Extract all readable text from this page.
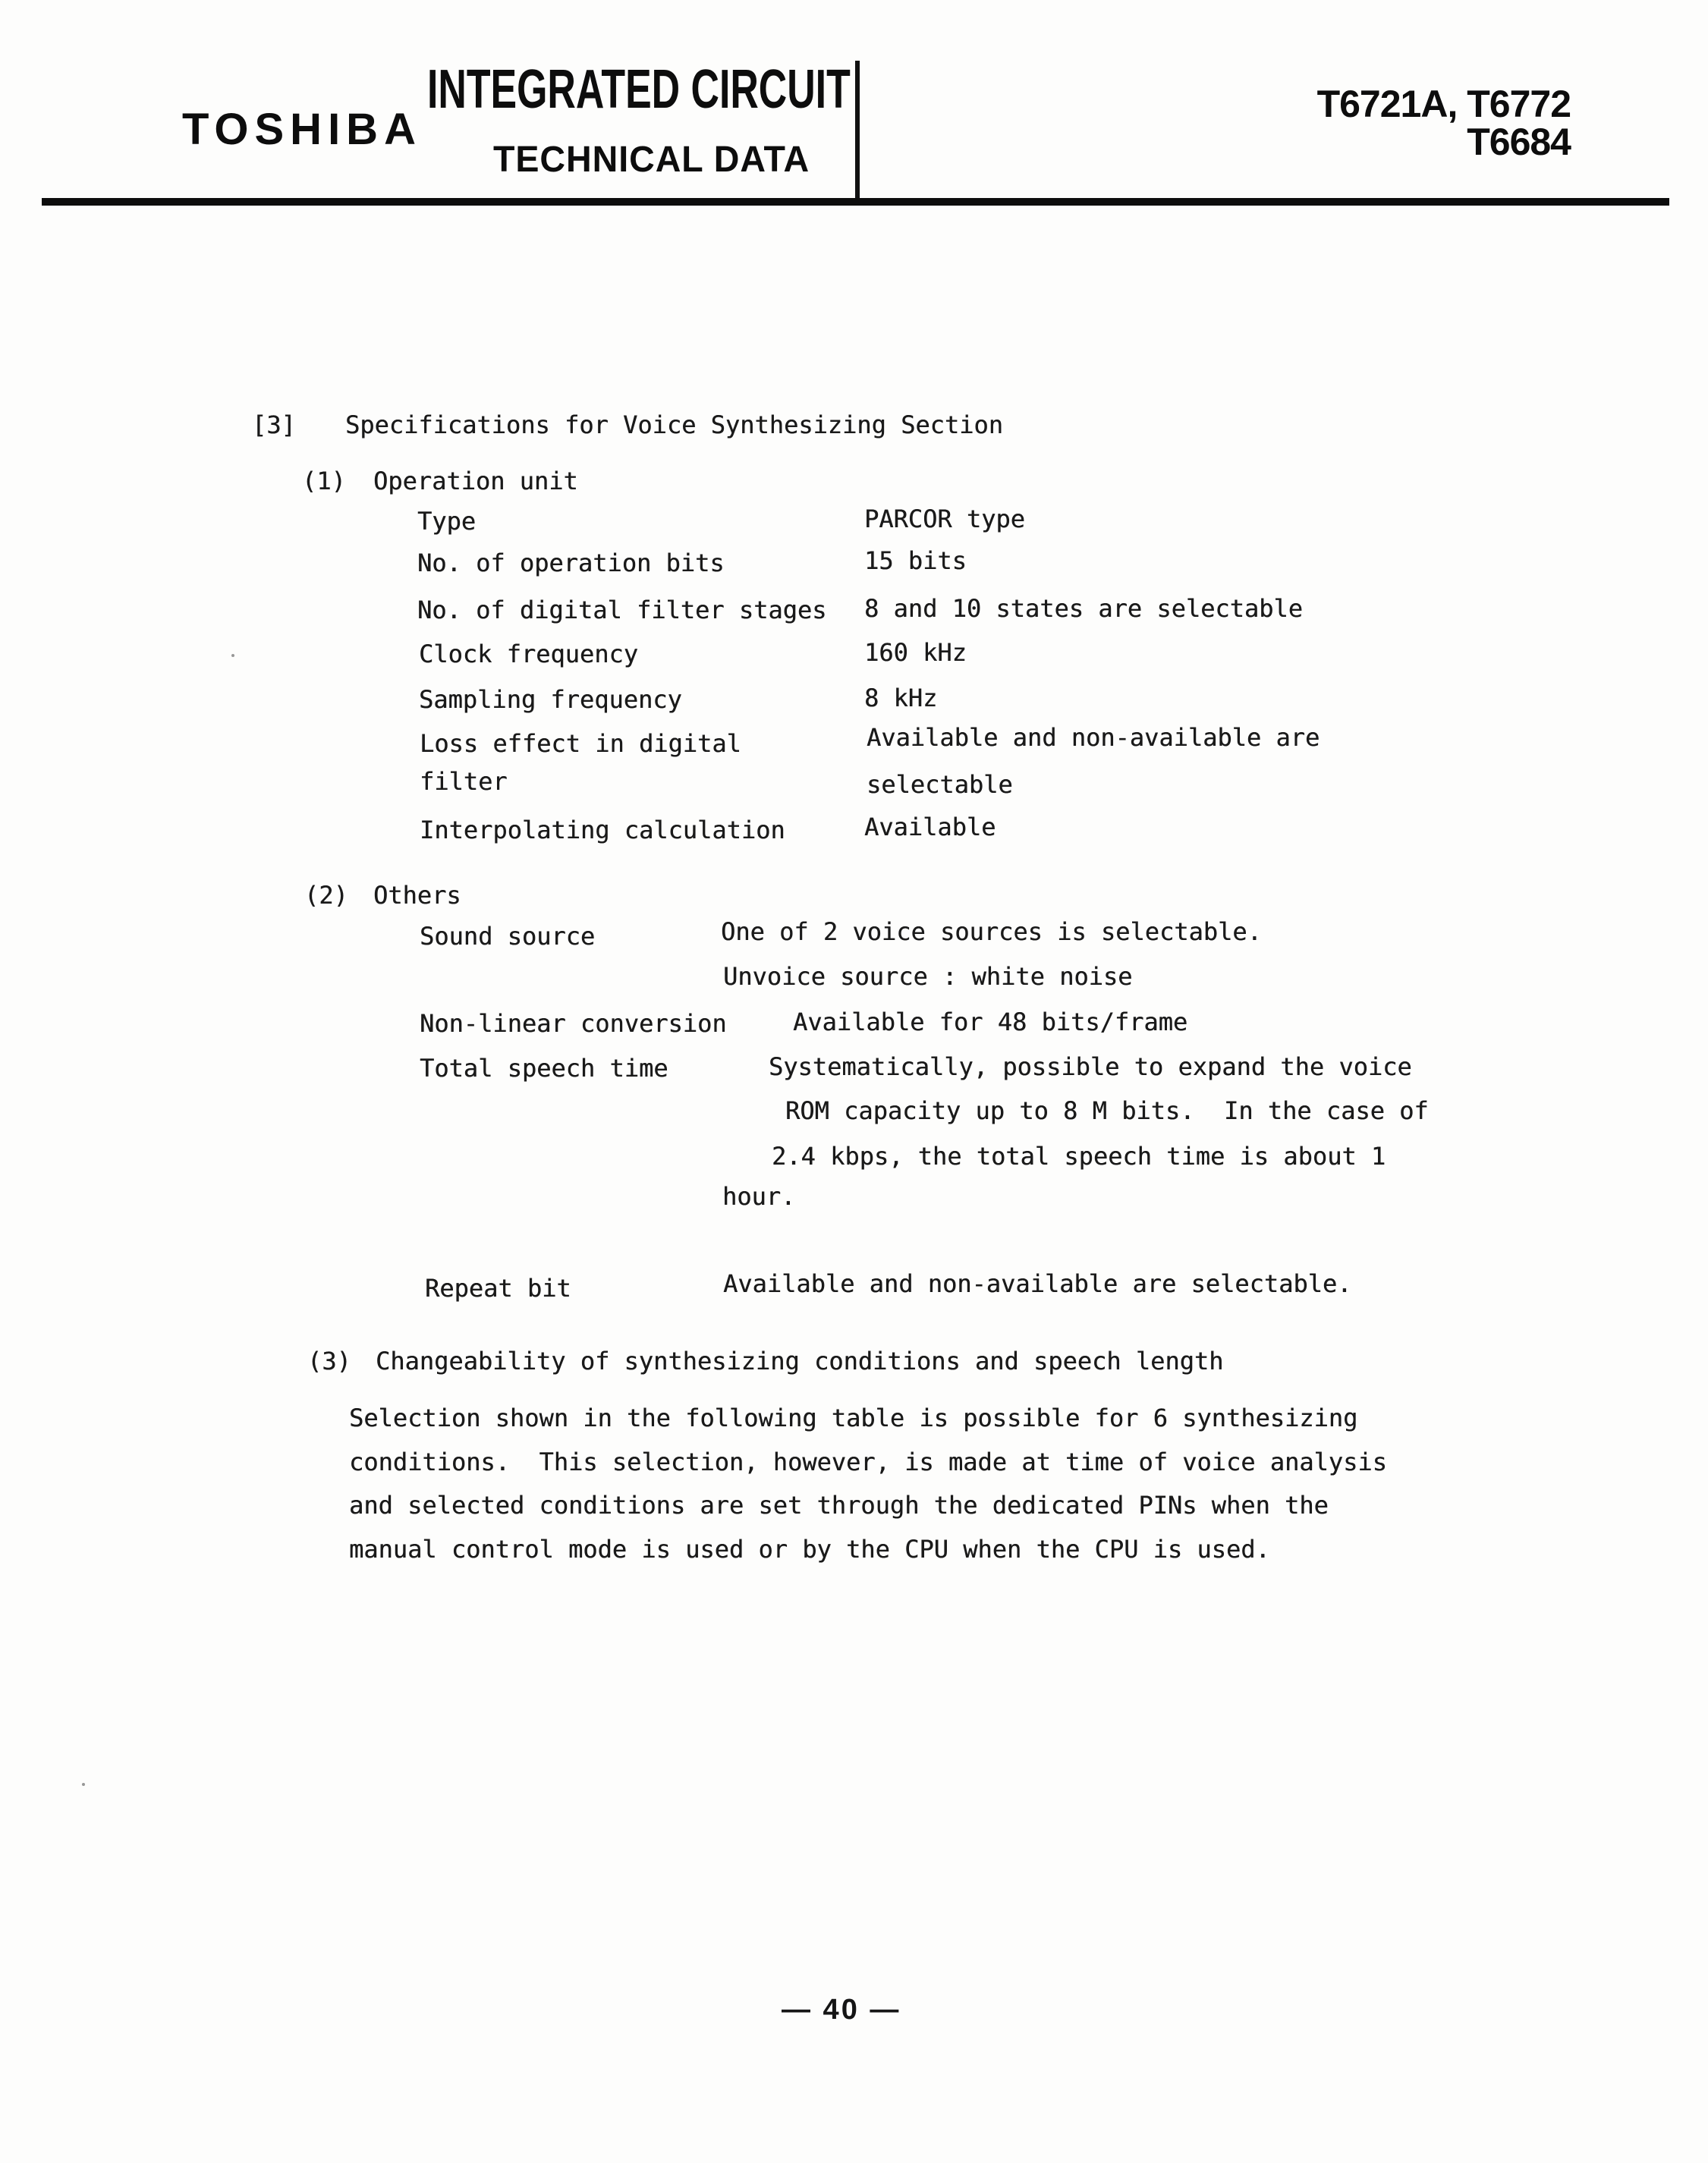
TOSHIBA
INTEGRATED CIRCUIT
TECHNICAL DATA
T6721A, T6772
T6684
[3] Specifications for Voice Synthesizing Section
(1) Operation unit
Type	PARCOR type
No. of operation bits	15 bits
No. of digital filter stages 8 and 10 states are selectable
Clock frequency	160 kHz
Sampling frequency	8 kHz
Loss effect in digital	Available and non-available are
filter	selectable
Interpolating calculation	Available
(2) Others
Sound source	One of 2 voice sources is selectable.
Unvoice source : white noise
Non-linear conversion	Available for 48 bits/frame
Total speech time	Systematically, possible to expand the voice
ROM capacity up to 8 M bits.  In the case of
2.4 kbps, the total speech time is about 1
hour.
Repeat bit	Available and non-available are selectable.
(3) Changeability of synthesizing conditions and speech length
Selection shown in the following table is possible for 6 synthesizing
conditions.  This selection, however, is made at time of voice analysis
and selected conditions are set through the dedicated PINs when the
manual control mode is used or by the CPU when the CPU is used.
— 40 —
